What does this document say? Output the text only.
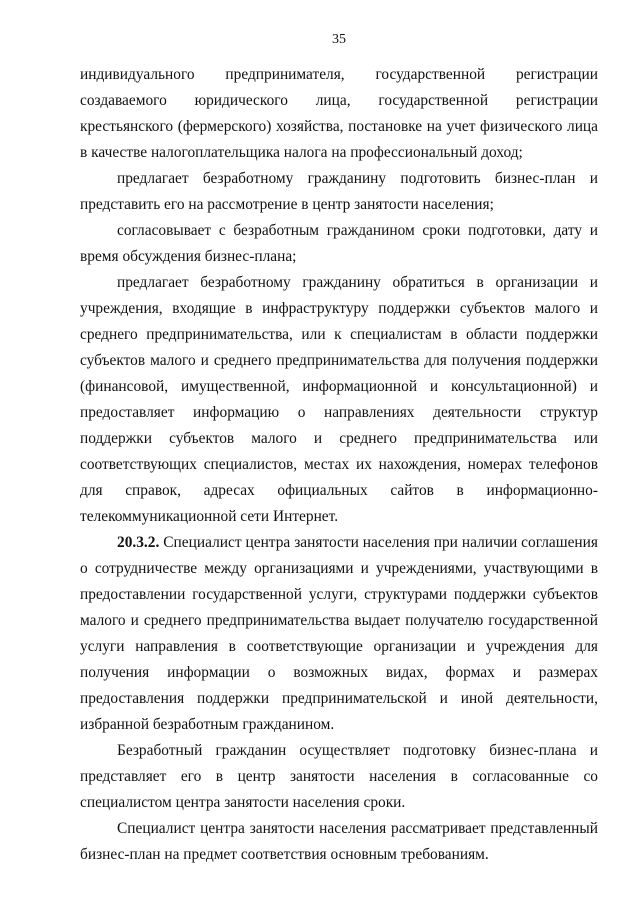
35

индивидуального предпринимателя, государственной регистрации создаваемого юридического лица, государственной регистрации крестьянского (фермерского) хозяйства, постановке на учет физического лица в качестве налогоплательщика налога на профессиональный доход;

предлагает безработному гражданину подготовить бизнес-план и представить его на рассмотрение в центр занятости населения;

согласовывает с безработным гражданином сроки подготовки, дату и время обсуждения бизнес-плана;

предлагает безработному гражданину обратиться в организации и учреждения, входящие в инфраструктуру поддержки субъектов малого и среднего предпринимательства, или к специалистам в области поддержки субъектов малого и среднего предпринимательства для получения поддержки (финансовой, имущественной, информационной и консультационной) и предоставляет информацию о направлениях деятельности структур поддержки субъектов малого и среднего предпринимательства или соответствующих специалистов, местах их нахождения, номерах телефонов для справок, адресах официальных сайтов в информационно-телекоммуникационной сети Интернет.

20.3.2. Специалист центра занятости населения при наличии соглашения о сотрудничестве между организациями и учреждениями, участвующими в предоставлении государственной услуги, структурами поддержки субъектов малого и среднего предпринимательства выдает получателю государственной услуги направления в соответствующие организации и учреждения для получения информации о возможных видах, формах и размерах предоставления поддержки предпринимательской и иной деятельности, избранной безработным гражданином.

Безработный гражданин осуществляет подготовку бизнес-плана и представляет его в центр занятости населения в согласованные со специалистом центра занятости населения сроки.

Специалист центра занятости населения рассматривает представленный бизнес-план на предмет соответствия основным требованиям.
